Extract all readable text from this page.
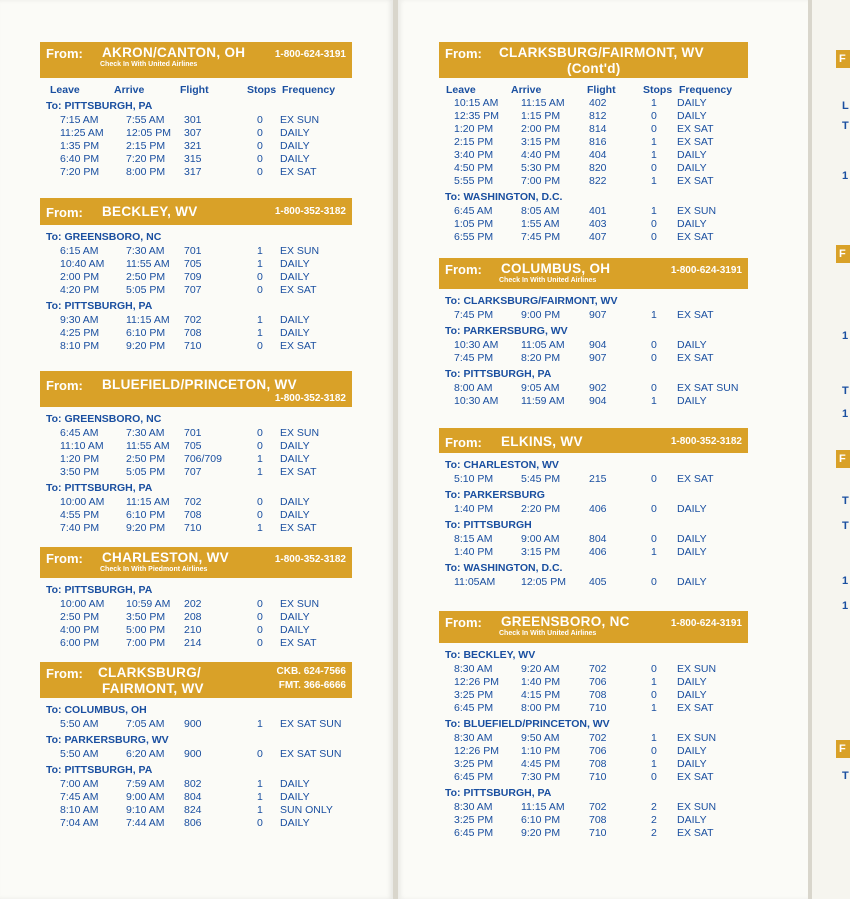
From: AKRON/CANTON, OH
Check In With United Airlines
1-800-624-3191
Leave	Arrive	Flight	Stops Frequency
To: PITTSBURGH, PA
7:15 AM	7:55 AM 301	0 EX SUN
11:25 AM 12:05 PM 307	0 DAILY
1:35 PM	2:15 PM 321	0 DAILY
6:40 PM	7:20 PM 315	0 DAILY
7:20 PM	8:00 PM 317	0 EX SAT
From: BECKLEY, WV	1-800-352-3182
To: GREENSBORO, NC
6:15 AM	7:30 AM 701	1 EX SUN
10:40 AM 11:55 AM 705	1 DAILY
2:00 PM	2:50 PM 709	0 DAILY
4:20 PM	5:05 PM 707	0 EX SAT
To: PITTSBURGH, PA
9:30 AM	11:15 AM 702	1 DAILY
4:25 PM	6:10 PM 708	1 DAILY
8:10 PM	9:20 PM 710	0 EX SAT
From: BLUEFIELD/PRINCETON, WV
1-800-352-3182
To: GREENSBORO, NC
6:45 AM	7:30 AM 701	0 EX SUN
11:10 AM 11:55 AM 705	0 DAILY
1:20 PM	2:50 PM 706/709	1 DAILY
3:50 PM	5:05 PM 707	1 EX SAT
To: PITTSBURGH, PA
10:00 AM 11:15 AM 702	0 DAILY
4:55 PM	6:10 PM 708	0 DAILY
7:40 PM	9:20 PM 710	1 EX SAT
From: CHARLESTON, WV
Check In With Piedmont Airlines
1-800-352-3182
To: PITTSBURGH, PA
10:00 AM 10:59 AM 202	0 EX SUN
2:50 PM	3:50 PM 208	0 DAILY
4:00 PM	5:00 PM 210	0 DAILY
6:00 PM	7:00 PM 214	0 EX SAT
From: CLARKSBURG/
FAIRMONT, WV
CKB. 624-7566
FMT. 366-6666
To: COLUMBUS, OH
5:50 AM	7:05 AM 900	1 EX SAT SUN
To: PARKERSBURG, WV
5:50 AM	6:20 AM 900	0 EX SAT SUN
To: PITTSBURGH, PA
7:00 AM	7:59 AM 802	1 DAILY
7:45 AM	9:00 AM 804	1 DAILY
8:10 AM	9:10 AM 824	1 SUN ONLY
7:04 AM	7:44 AM 806	0 DAILY
From: CLARKSBURG/FAIRMONT, WV
(Cont'd)
Leave	Arrive	Flight	Stops Frequency
10:15 AM 11:15 AM 402	1 DAILY
12:35 PM 1:15 PM	812	0 DAILY
1:20 PM	2:00 PM	814	0 EX SAT
2:15 PM	3:15 PM	816	1 EX SAT
3:40 PM	4:40 PM	404	1 DAILY
4:50 PM	5:30 PM	820	0 DAILY
5:55 PM	7:00 PM	822	1 EX SAT
To: WASHINGTON, D.C.
6:45 AM	8:05 AM	401	1 EX SUN
1:05 PM	1:55 AM	403	0 DAILY
6:55 PM	7:45 PM	407	0 EX SAT
From: COLUMBUS, OH
Check In With United Airlines
1-800-624-3191
To: CLARKSBURG/FAIRMONT, WV
7:45 PM	9:00 PM	907	1 EX SAT
To: PARKERSBURG, WV
10:30 AM 11:05 AM 904	0 DAILY
7:45 PM	8:20 PM	907	0 EX SAT
To: PITTSBURGH, PA
8:00 AM	9:05 AM	902	0 EX SAT SUN
10:30 AM 11:59 AM 904	1 DAILY
From: ELKINS, WV	1-800-352-3182
To: CHARLESTON, WV
5:10 PM	5:45 PM	215	0 EX SAT
To: PARKERSBURG
1:40 PM	2:20 PM	406	0 DAILY
To: PITTSBURGH
8:15 AM	9:00 AM	804	0 DAILY
1:40 PM	3:15 PM	406	1 DAILY
To: WASHINGTON, D.C.
11:05AM 12:05 PM 405	0 DAILY
From: GREENSBORO, NC
Check In With United Airlines
1-800-624-3191
To: BECKLEY, WV
8:30 AM	9:20 AM	702	0 EX SUN
12:26 PM 1:40 PM	706	1 DAILY
3:25 PM	4:15 PM	708	0 DAILY
6:45 PM	8:00 PM	710	1 EX SAT
To: BLUEFIELD/PRINCETON, WV
8:30 AM	9:50 AM	702	1 EX SUN
12:26 PM 1:10 PM	706	0 DAILY
3:25 PM	4:45 PM	708	1 DAILY
6:45 PM	7:30 PM	710	0 EX SAT
To: PITTSBURGH, PA
8:30 AM	11:15 AM 702	2 EX SUN
3:25 PM	6:10 PM	708	2 DAILY
6:45 PM	9:20 PM	710	2 EX SAT
F
L
T
1
F
1
T
1
F
T
T
1
1
F
T
